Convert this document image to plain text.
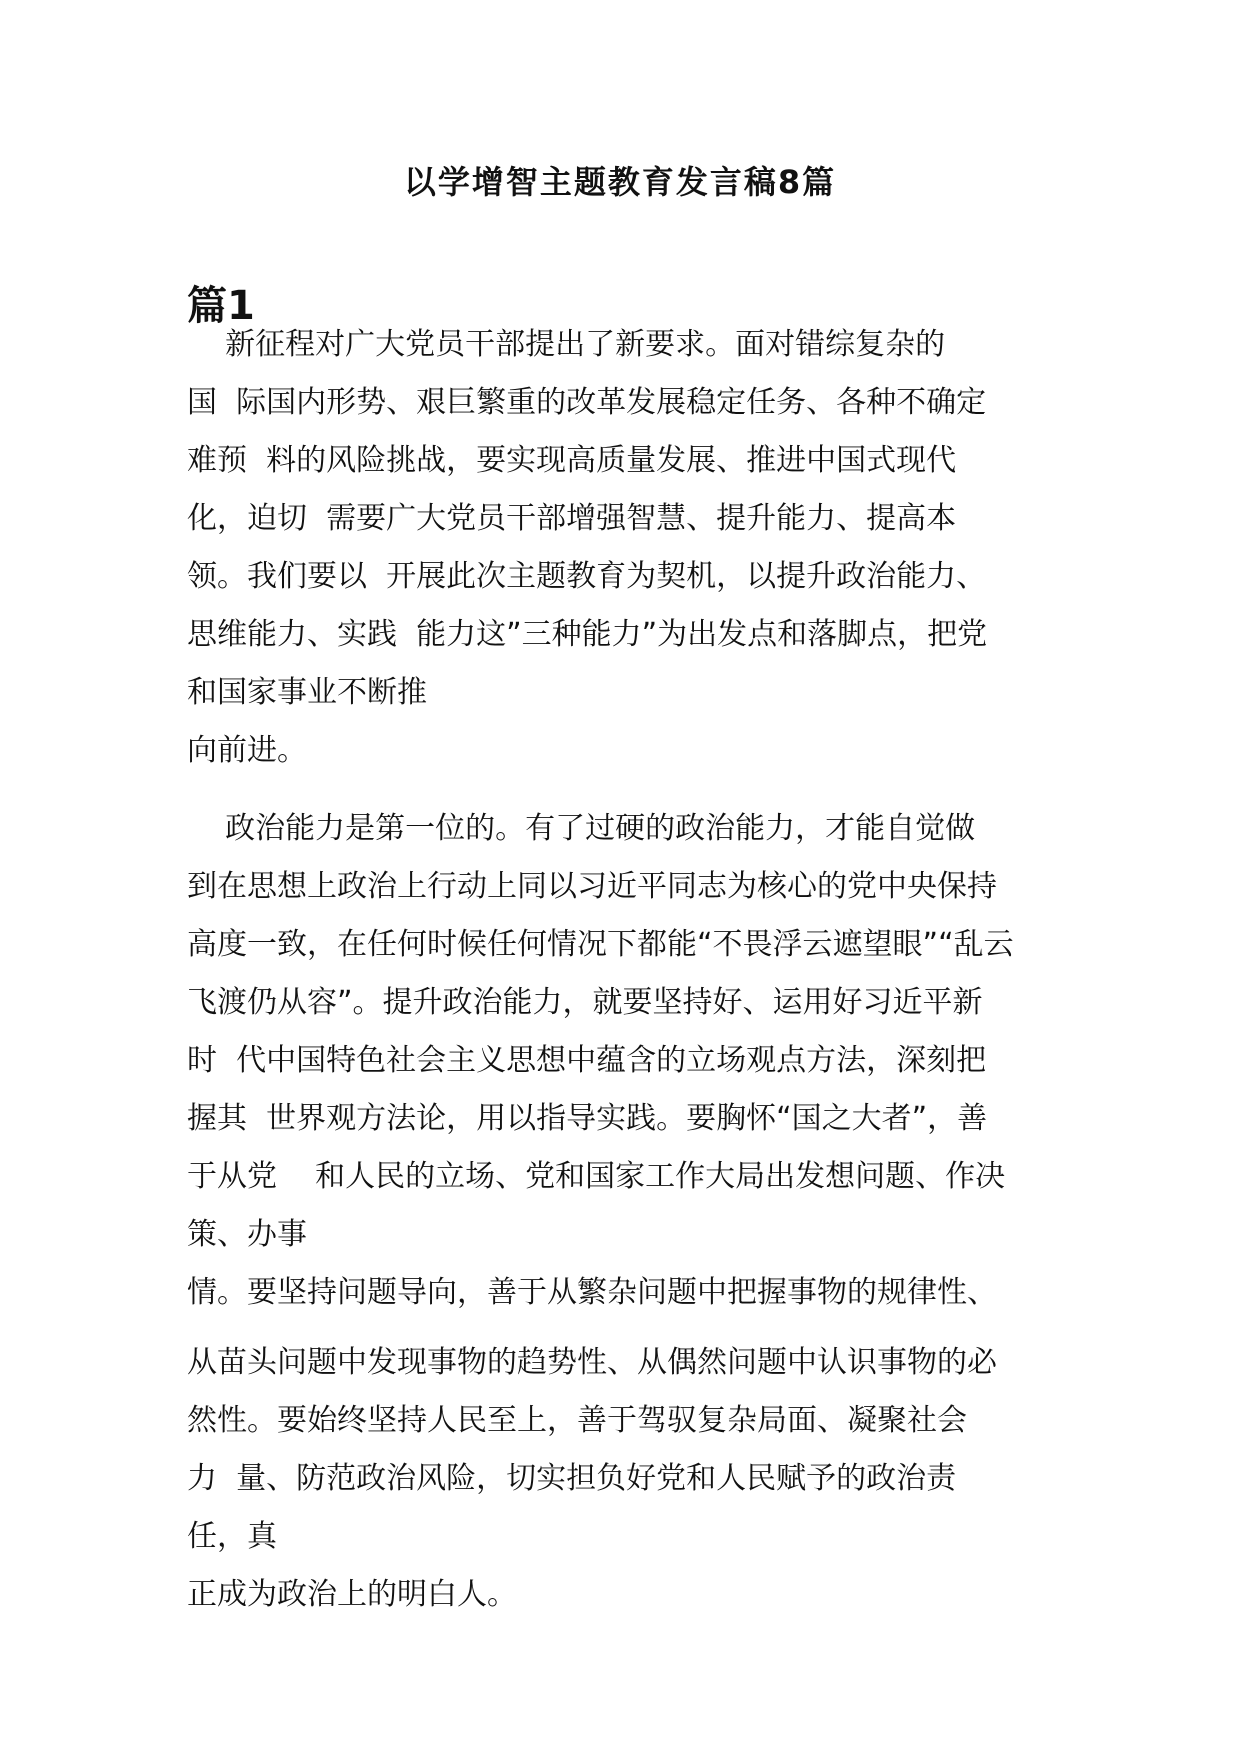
以学增智主题教育发言稿8篇
篇1
新征程对广大党员干部提出了新要求。面对错综复杂的
国  际国内形势、艰巨繁重的改革发展稳定任务、各种不确定
难预  料的风险挑战，要实现高质量发展、推进中国式现代
化，迫切  需要广大党员干部增强智慧、提升能力、提高本
领。我们要以  开展此次主题教育为契机，以提升政治能力、
思维能力、实践  能力这”三种能力”为出发点和落脚点，把党
和国家事业不断推
向前进。
政治能力是第一位的。有了过硬的政治能力，才能自觉做
到在思想上政治上行动上同以习近平同志为核心的党中央保持
高度一致，在任何时候任何情况下都能“不畏浮云遮望眼”“乱云
飞渡仍从容”。提升政治能力，就要坚持好、运用好习近平新
时  代中国特色社会主义思想中蕴含的立场观点方法，深刻把
握其  世界观方法论，用以指导实践。要胸怀“国之大者”，善
于从党    和人民的立场、党和国家工作大局出发想问题、作决
策、办事
情。要坚持问题导向，善于从繁杂问题中把握事物的规律性、
从苗头问题中发现事物的趋势性、从偶然问题中认识事物的必
然性。要始终坚持人民至上，善于驾驭复杂局面、凝聚社会
力  量、防范政治风险，切实担负好党和人民赋予的政治责
任，真
正成为政治上的明白人。
